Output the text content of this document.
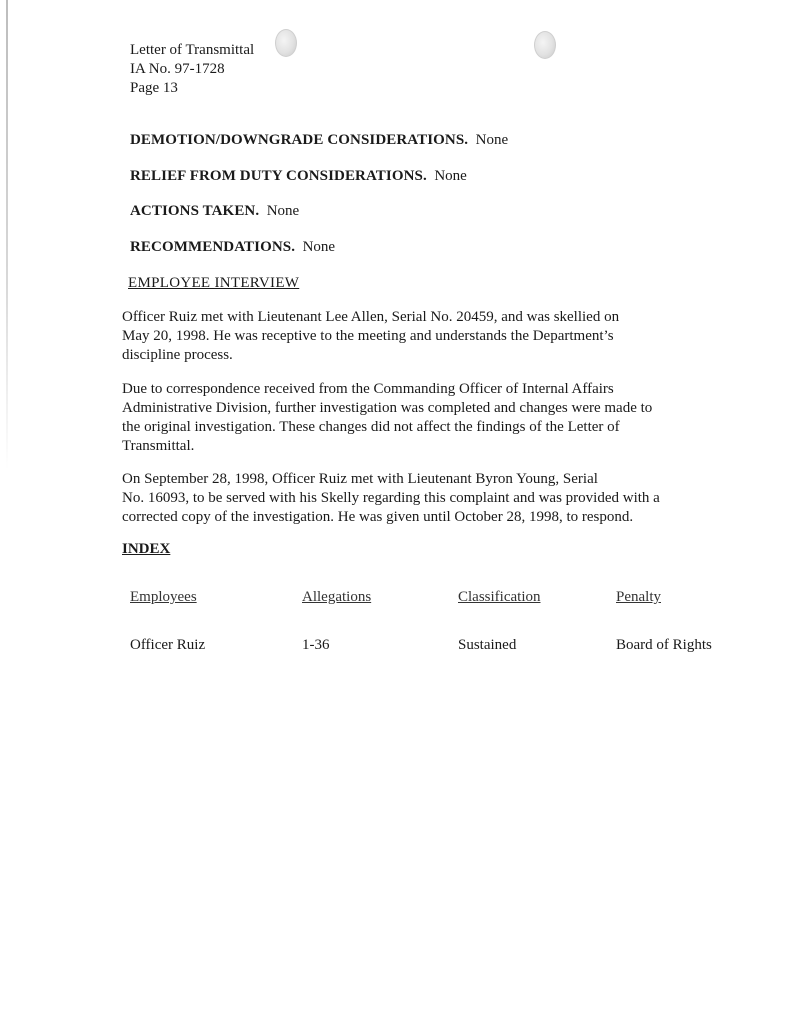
Letter of Transmittal
IA No. 97-1728
Page 13
DEMOTION/DOWNGRADE CONSIDERATIONS. None
RELIEF FROM DUTY CONSIDERATIONS. None
ACTIONS TAKEN. None
RECOMMENDATIONS. None
EMPLOYEE INTERVIEW
Officer Ruiz met with Lieutenant Lee Allen, Serial No. 20459, and was skellied on
May 20, 1998. He was receptive to the meeting and understands the Department’s
discipline process.
Due to correspondence received from the Commanding Officer of Internal Affairs
Administrative Division, further investigation was completed and changes were made to
the original investigation. These changes did not affect the findings of the Letter of
Transmittal.
On September 28, 1998, Officer Ruiz met with Lieutenant Byron Young, Serial
No. 16093, to be served with his Skelly regarding this complaint and was provided with a
corrected copy of the investigation. He was given until October 28, 1998, to respond.
INDEX
Employees	Allegations	Classification	Penalty
Officer Ruiz	1-36	Sustained	Board of Rights
